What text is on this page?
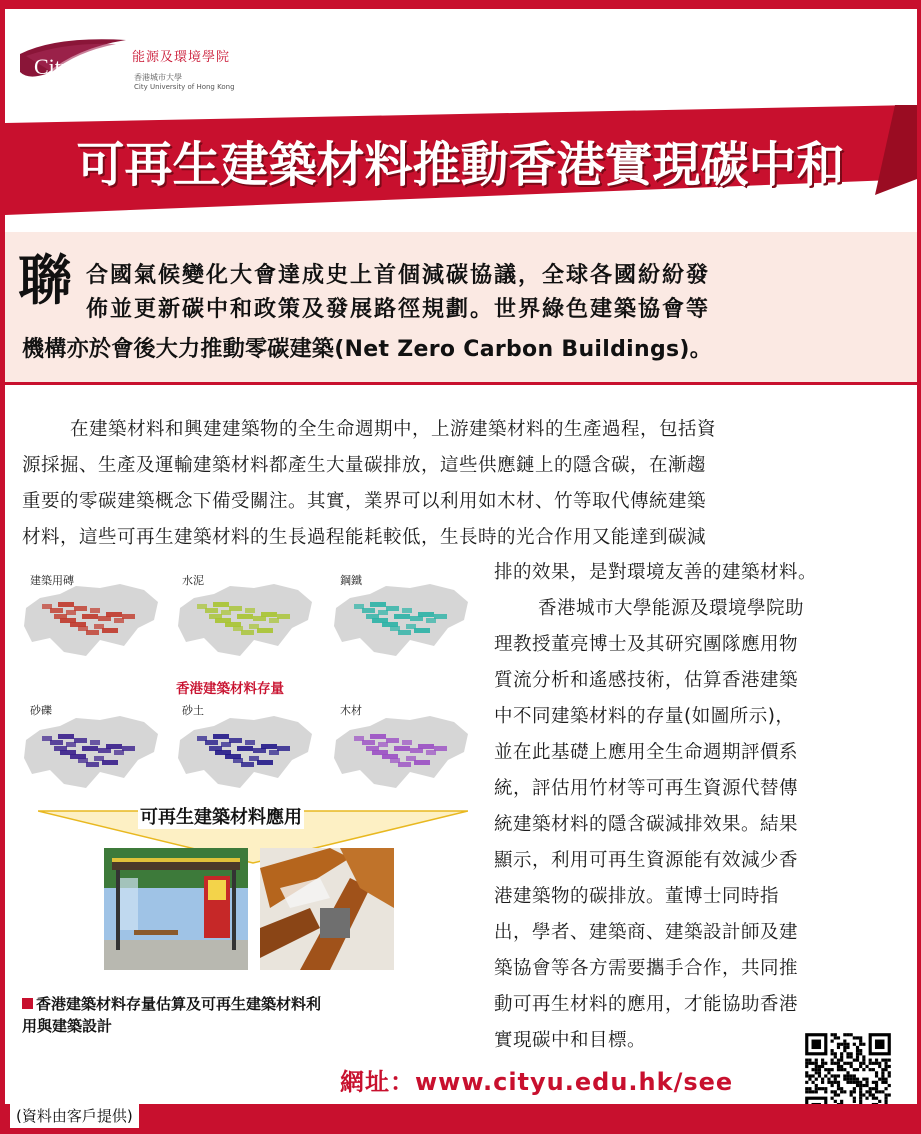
CityU	能源及環境學院
香港城市大學
City University of Hong Kong
可再生建築材料推動香港實現碳中和
聯 合國氣候變化大會達成史上首個減碳協議，全球各國紛紛發
佈並更新碳中和政策及發展路徑規劃。世界綠色建築協會等
機構亦於會後大力推動零碳建築(Net Zero Carbon Buildings)。
在建築材料和興建建築物的全生命週期中，上游建築材料的生產過程，包括資
源採掘、生產及運輸建築材料都產生大量碳排放，這些供應鏈上的隱含碳，在漸趨
重要的零碳建築概念下備受關注。其實，業界可以利用如木材、竹等取代傳統建築
材料，這些可再生建築材料的生長過程能耗較低，生長時的光合作用又能達到碳減
排的效果，是對環境友善的建築材料。
香港城市大學能源及環境學院助
理教授董亮博士及其研究團隊應用物
質流分析和遙感技術，估算香港建築
中不同建築材料的存量(如圖所示)，
並在此基礎上應用全生命週期評價系
統，評估用竹材等可再生資源代替傳
統建築材料的隱含碳減排效果。結果
顯示，利用可再生資源能有效減少香
港建築物的碳排放。董博士同時指
出，學者、建築商、建築設計師及建
築協會等各方需要攜手合作，共同推
動可再生材料的應用，才能協助香港
實現碳中和目標。
建築用磚	水泥	鋼鐵
砂礫	砂土	木材
香港建築材料存量
可再生建築材料應用
香港建築材料存量估算及可再生建築材料利
用與建築設計
網址：www.cityu.edu.hk/see
(資料由客戶提供)
